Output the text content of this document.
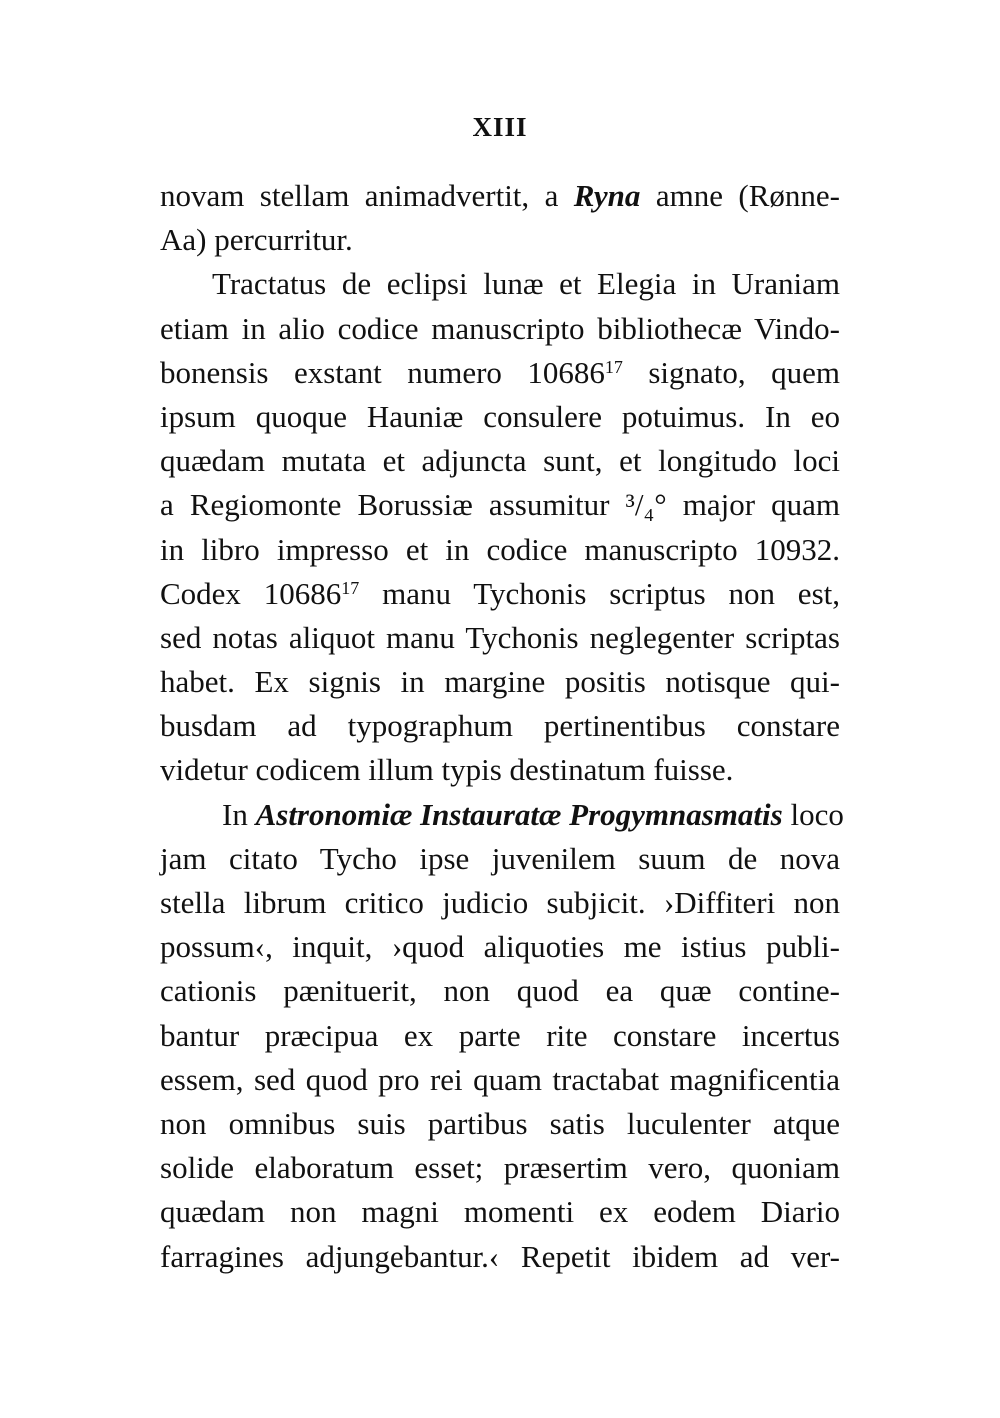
XIII
novam stellam animadvertit, a Ryna amne (Rønne-
Aa) percurritur.
Tractatus de eclipsi lunæ et Elegia in Uraniam
etiam in alio codice manuscripto bibliothecæ Vindo-
bonensis exstant numero 10686$^{17}$ signato, quem
ipsum quoque Hauniæ consulere potuimus. In eo
quædam mutata et adjuncta sunt, et longitudo loci
a Regiomonte Borussiæ assumitur ³/₄° major quam
in libro impresso et in codice manuscripto 10932.
Codex 10686$^{17}$ manu Tychonis scriptus non est,
sed notas aliquot manu Tychonis neglegenter scriptas
habet. Ex signis in margine positis notisque qui-
busdam ad typographum pertinentibus constare
videtur codicem illum typis destinatum fuisse.
In Astronomiæ Instauratæ Progymnasmatis loco
jam citato Tycho ipse juvenilem suum de nova
stella librum critico judicio subjicit. ›Diffiteri non
possum‹, inquit, ›quod aliquoties me istius publi-
cationis pænituerit, non quod ea quæ contine-
bantur præcipua ex parte rite constare incertus
essem, sed quod pro rei quam tractabat magnificentia
non omnibus suis partibus satis luculenter atque
solide elaboratum esset; præsertim vero, quoniam
quædam non magni momenti ex eodem Diario
farragines adjungebantur.‹ Repetit ibidem ad ver-
